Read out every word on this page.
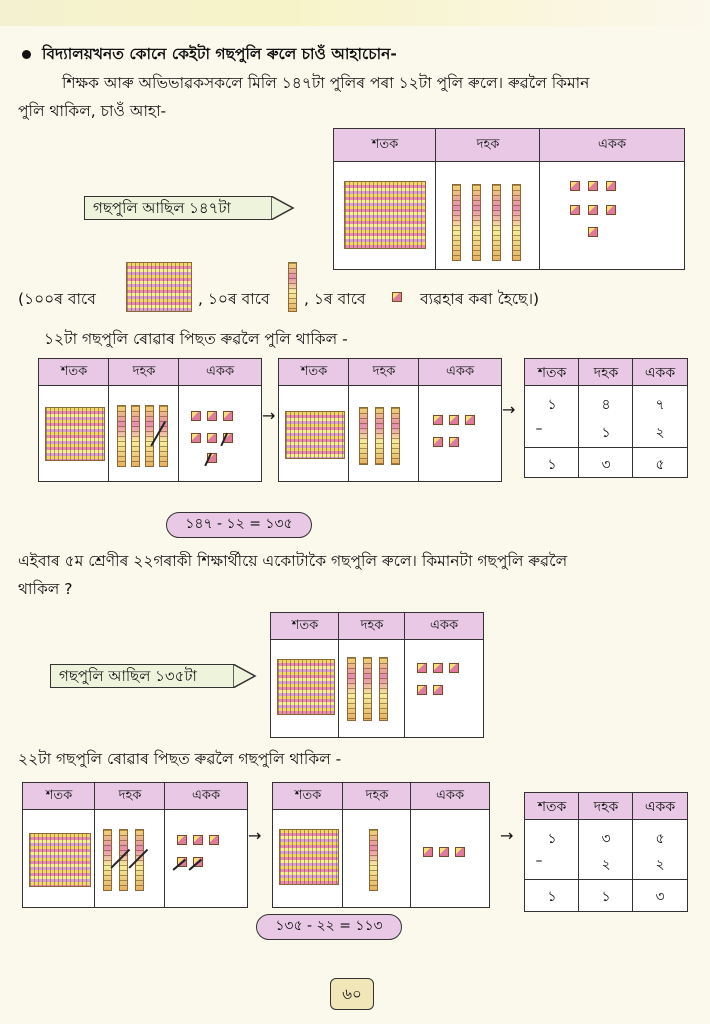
বিদ্যালয়খনত কোনে কেইটা গছপুলি ৰুলে চাওঁ আহাচোন-
শিক্ষক আৰু অভিভাৱকসকলে মিলি ১৪৭টা পুলিৰ পৰা ১২টা পুলি ৰুলে। ৰুৱলৈ কিমান
পুলি থাকিল, চাওঁ আহা-
গছপুলি আছিল ১৪৭টা
শতক	দহক	একক
(১০০ৰ বাবে	, ১০ৰ বাবে , ১ৰ বাবে	ব্যৱহাৰ কৰা হৈছে।)
১২টা গছপুলি ৰোৱাৰ পিছত ৰুৱলৈ পুলি থাকিল -
শতক	দহক	একক
→
শতক	দহক	একক
→
শতক	দহক	একক
১	৪	৭
–	১	২
১	৩	৫
১৪৭ - ১২ = ১৩৫
এইবাৰ ৫ম শ্ৰেণীৰ ২২গৰাকী শিক্ষাৰ্থীয়ে একোটাকৈ গছপুলি ৰুলে। কিমানটা গছপুলি ৰুৱলৈ
থাকিল ?
গছপুলি আছিল ১৩৫টা
শতক	দহক	একক
২২টা গছপুলি ৰোৱাৰ পিছত ৰুৱলৈ গছপুলি থাকিল -
শতক	দহক	একক
→
শতক	দহক	একক
→
শতক	দহক	একক
১	৩	৫
–	২	২
১	১	৩
১৩৫ - ২২ = ১১৩
৬০
